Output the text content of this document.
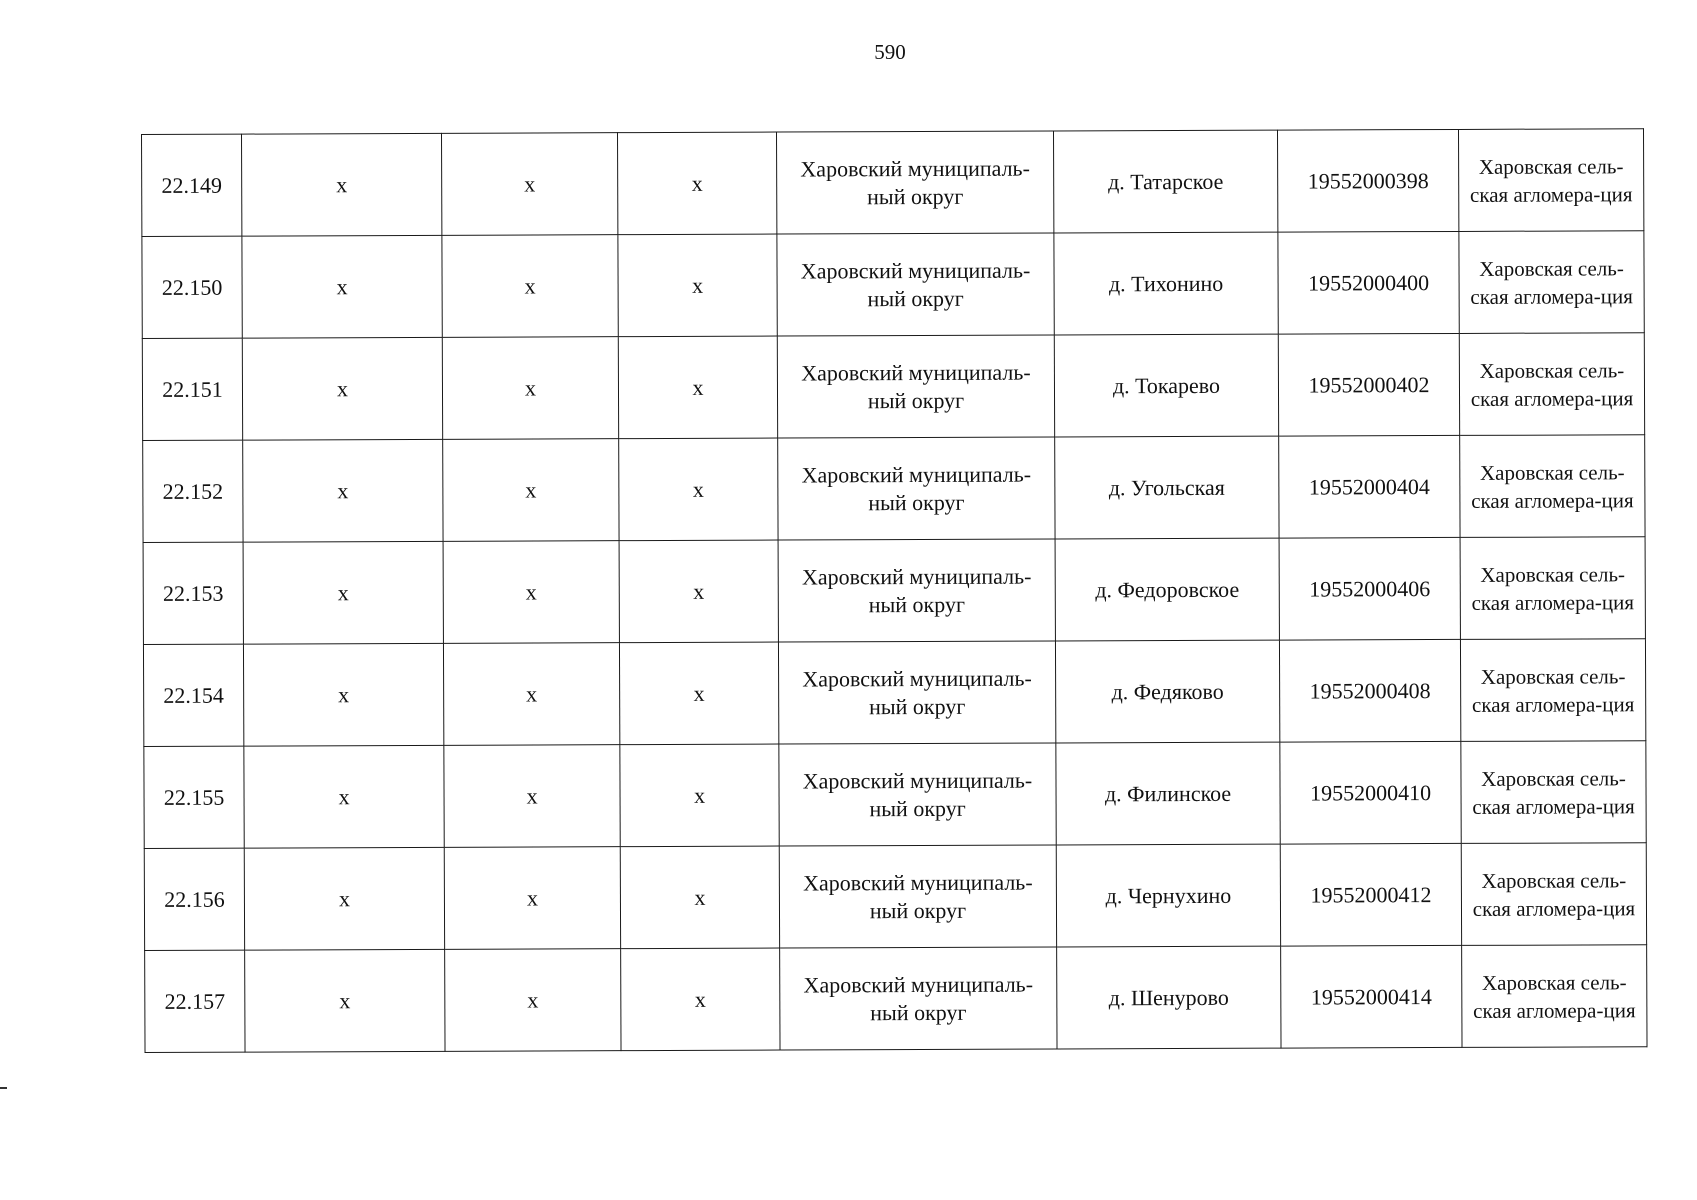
590
22.149	х	х	х	Харовский муниципаль-ный округ	д. Татарское	19552000398	Харовская сель-ская агломера-ция
22.150	х	х	х	Харовский муниципаль-ный округ	д. Тихонино	19552000400	Харовская сель-ская агломера-ция
22.151	х	х	х	Харовский муниципаль-ный округ	д. Токарево	19552000402	Харовская сель-ская агломера-ция
22.152	х	х	х	Харовский муниципаль-ный округ	д. Угольская	19552000404	Харовская сель-ская агломера-ция
22.153	х	х	х	Харовский муниципаль-ный округ	д. Федоровское	19552000406	Харовская сель-ская агломера-ция
22.154	х	х	х	Харовский муниципаль-ный округ	д. Федяково	19552000408	Харовская сель-ская агломера-ция
22.155	х	х	х	Харовский муниципаль-ный округ	д. Филинское	19552000410	Харовская сель-ская агломера-ция
22.156	х	х	х	Харовский муниципаль-ный округ	д. Чернухино	19552000412	Харовская сель-ская агломера-ция
22.157	х	х	х	Харовский муниципаль-ный округ	д. Шенурово	19552000414	Харовская сель-ская агломера-ция
